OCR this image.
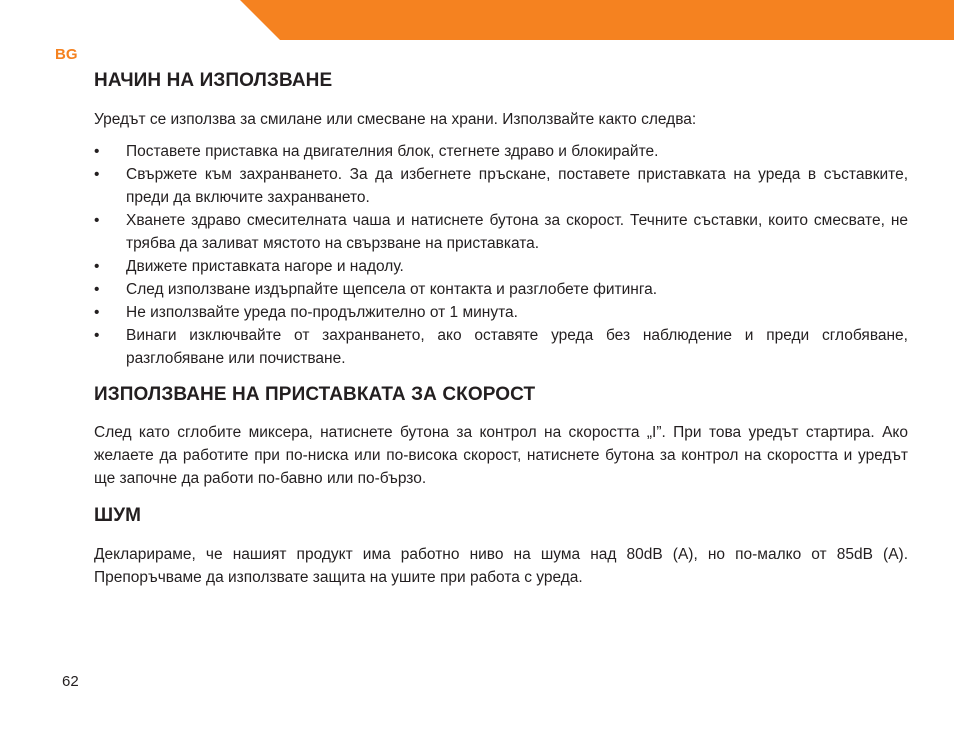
BG
НАЧИН НА ИЗПОЛЗВАНЕ

Уредът се използва за смилане или смесване на храни. Използвайте както следва:

• Поставете приставка на двигателния блок, стегнете здраво и блокирайте.
• Свържете към захранването. За да избегнете пръскане, поставете приставката на уреда в съставките, преди да включите захранването.
• Хванете здраво смесителната чаша и натиснете бутона за скорост. Течните съставки, които смесвате, не трябва да заливат мястото на свързване на приставката.
• Движете приставката нагоре и надолу.
• След използване издърпайте щепсела от контакта и разглобете фитинга.
• Не използвайте уреда по-продължително от 1 минута.
• Винаги изключвайте от захранването, ако оставяте уреда без наблюдение и преди сглобяване, разглобяване или почистване.
ИЗПОЛЗВАНЕ НА ПРИСТАВКАТА ЗА СКОРОСТ

След като сглобите миксера, натиснете бутона за контрол на скоростта „I”. При това уредът стартира. Ако желаете да работите при по-ниска или по-висока скорост, натиснете бутона за контрол на скоростта и уредът ще започне да работи по-бавно или по-бързо.

ШУМ

Декларираме, че нашият продукт има работно ниво на шума над 80dB (A), но по-малко от 85dB (A). Препоръчваме да използвате защита на ушите при работа с уреда.

62
